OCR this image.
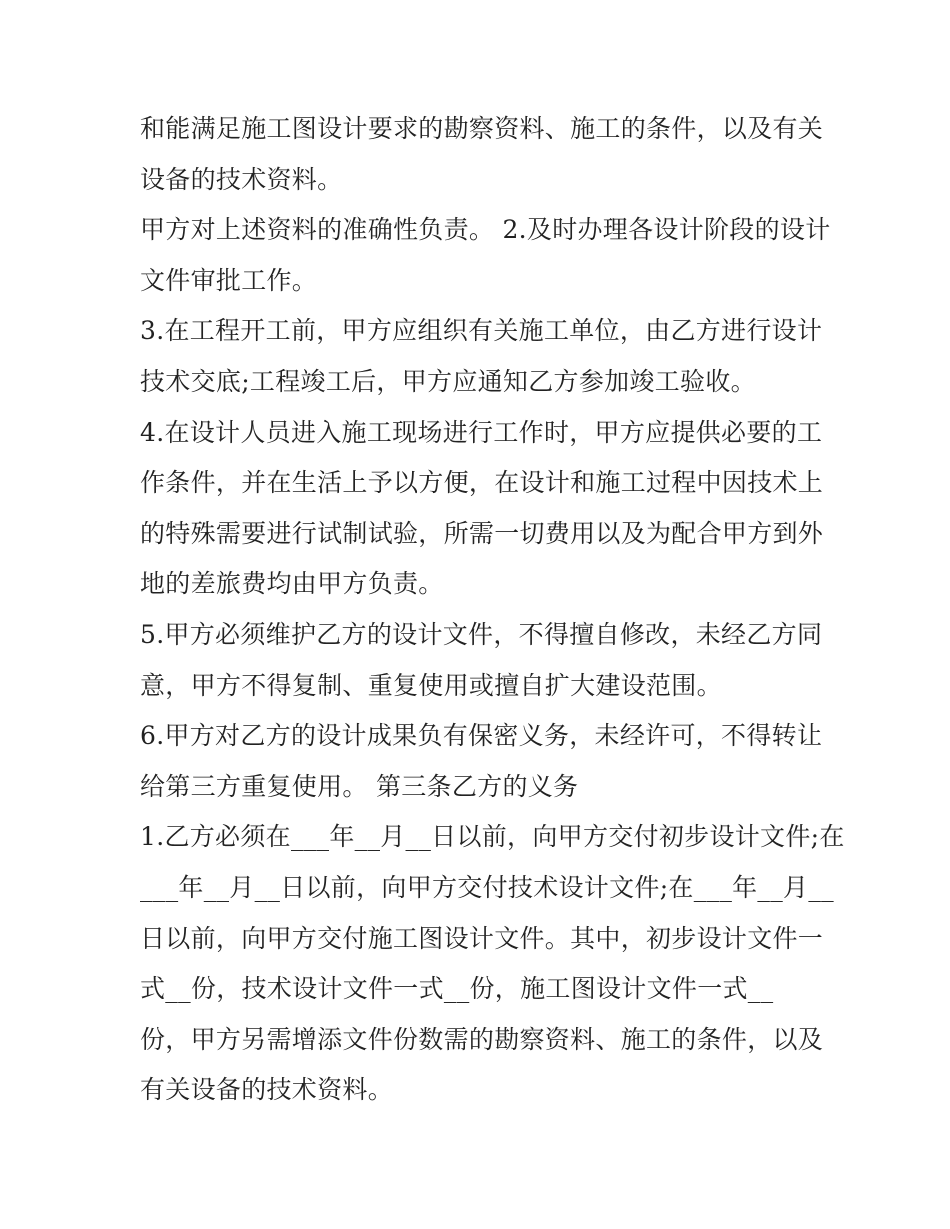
和能满足施工图设计要求的勘察资料、施工的条件，以及有关
设备的技术资料。
甲方对上述资料的准确性负责。 2.及时办理各设计阶段的设计
文件审批工作。
3.在工程开工前，甲方应组织有关施工单位，由乙方进行设计
技术交底;工程竣工后，甲方应通知乙方参加竣工验收。
4.在设计人员进入施工现场进行工作时，甲方应提供必要的工
作条件，并在生活上予以方便，在设计和施工过程中因技术上
的特殊需要进行试制试验，所需一切费用以及为配合甲方到外
地的差旅费均由甲方负责。
5.甲方必须维护乙方的设计文件，不得擅自修改，未经乙方同
意，甲方不得复制、重复使用或擅自扩大建设范围。
6.甲方对乙方的设计成果负有保密义务，未经许可，不得转让
给第三方重复使用。 第三条乙方的义务
1.乙方必须在___年__月__日以前，向甲方交付初步设计文件;在
___年__月__日以前，向甲方交付技术设计文件;在___年__月__
日以前，向甲方交付施工图设计文件。其中，初步设计文件一
式__份，技术设计文件一式__份，施工图设计文件一式__
份，甲方另需增添文件份数需的勘察资料、施工的条件，以及
有关设备的技术资料。
